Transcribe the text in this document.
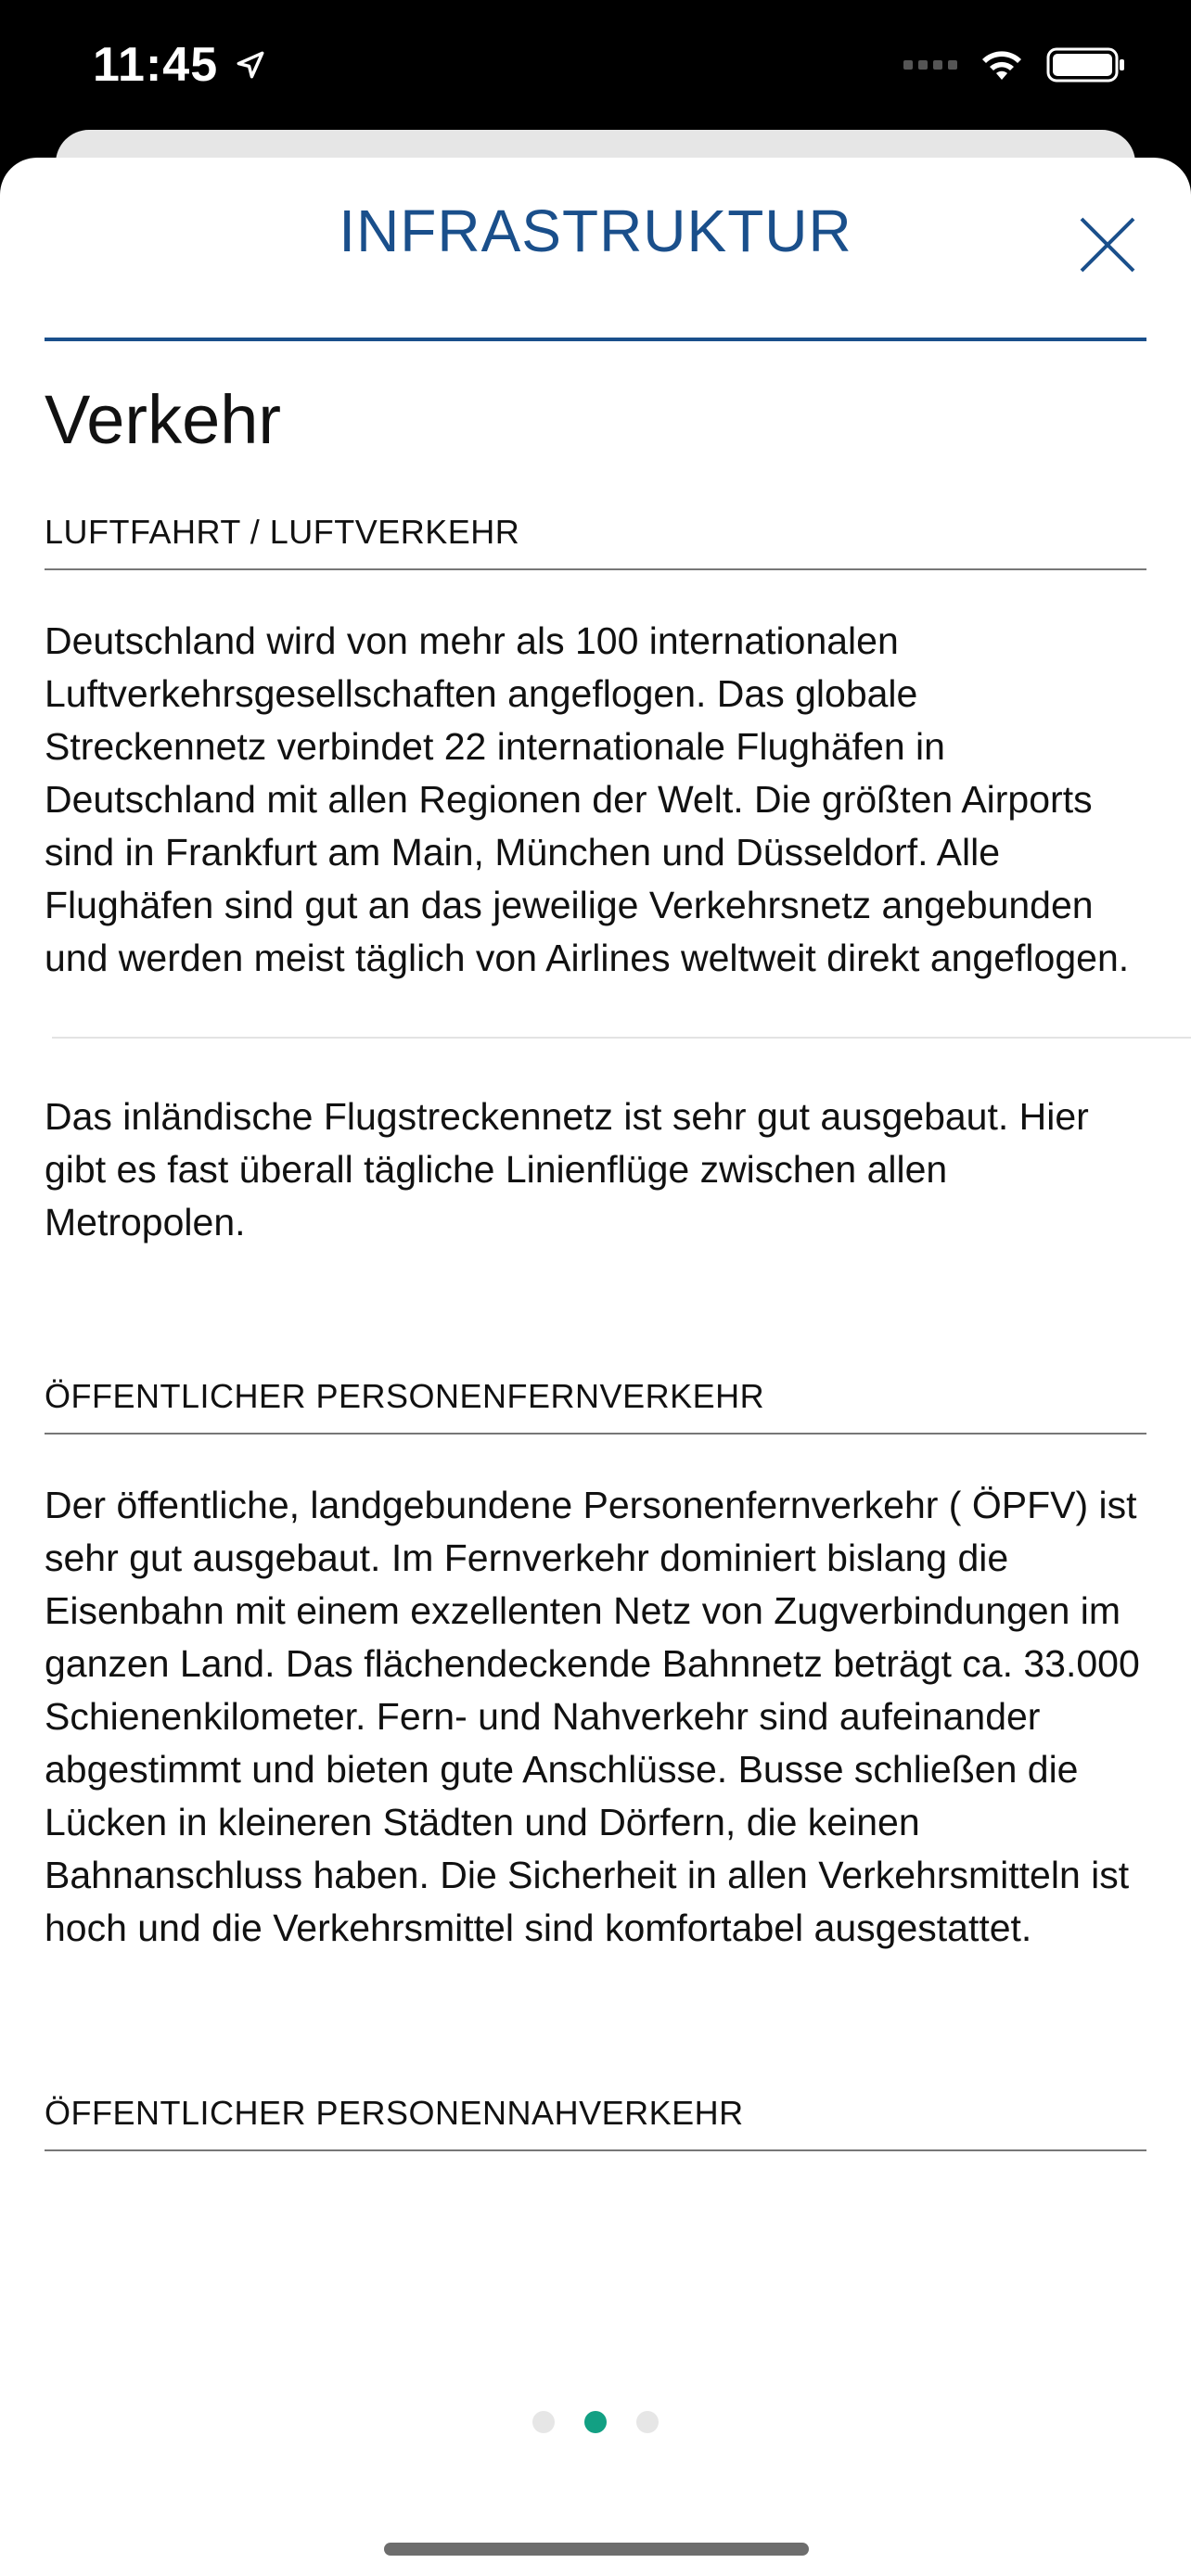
11:45
INFRASTRUKTUR
Verkehr
LUFTFAHRT / LUFTVERKEHR

Deutschland wird von mehr als 100 internationalen Luftverkehrsgesellschaften angeflogen. Das globale Streckennetz verbindet 22 internationale Flughäfen in Deutschland mit allen Regionen der Welt. Die größten Airports sind in Frankfurt am Main, München und Düsseldorf. Alle Flughäfen sind gut an das jeweilige Verkehrsnetz angebunden und werden meist täglich von Airlines weltweit direkt angeflogen.

Das inländische Flugstreckennetz ist sehr gut ausgebaut. Hier gibt es fast überall tägliche Linienflüge zwischen allen Metropolen.

ÖFFENTLICHER PERSONENFERNVERKEHR

Der öffentliche, landgebundene Personenfernverkehr ( ÖPFV) ist sehr gut ausgebaut. Im Fernverkehr dominiert bislang die Eisenbahn mit einem exzellenten Netz von Zugverbindungen im ganzen Land. Das flächendeckende Bahnnetz beträgt ca. 33.000 Schienenkilometer. Fern- und Nahverkehr sind aufeinander abgestimmt und bieten gute Anschlüsse. Busse schließen die Lücken in kleineren Städten und Dörfern, die keinen Bahnanschluss haben. Die Sicherheit in allen Verkehrsmitteln ist hoch und die Verkehrsmittel sind komfortabel ausgestattet.

ÖFFENTLICHER PERSONENNAHVERKEHR
